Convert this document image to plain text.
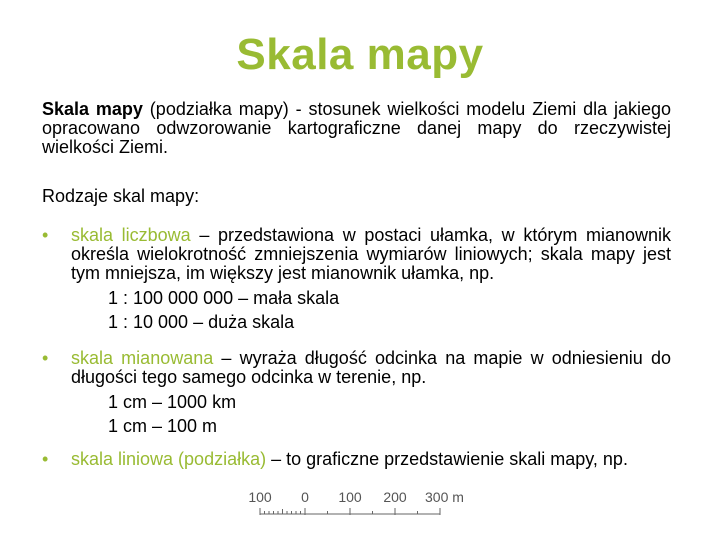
Skala mapy
Skala mapy (podziałka mapy) - stosunek wielkości modelu Ziemi dla jakiego opracowano odwzorowanie kartograficzne danej mapy do rzeczywistej wielkości Ziemi.
Rodzaje skal mapy:
• skala liczbowa – przedstawiona w postaci ułamka, w którym mianownik określa wielokrotność zmniejszenia wymiarów liniowych; skala mapy jest tym mniejsza, im większy jest mianownik ułamka, np.
1 : 100 000 000 – mała skala
1 : 10 000 – duża skala
• skala mianowana – wyraża długość odcinka na mapie w odniesieniu do długości tego samego odcinka w terenie, np.
1 cm – 1000 km
1 cm – 100 m
• skala liniowa (podziałka) – to graficzne przedstawienie skali mapy, np.
100 0 100 200 300 m
